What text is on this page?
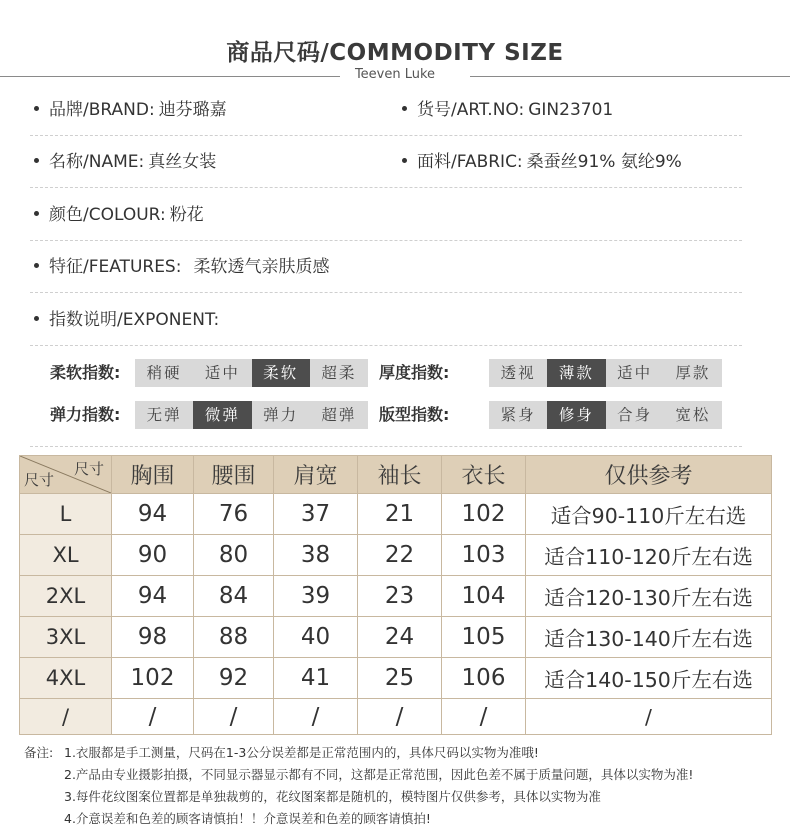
商品尺码/COMMODITY SIZE
Teeven Luke
品牌/BRAND: 迪芬璐嘉	货号/ART.NO: GIN23701
名称/NAME: 真丝女装	面料/FABRIC: 桑蚕丝91% 氨纶9%
颜色/COLOUR: 粉花
特征/FEATURES: 柔软透气亲肤质感
指数说明/EXPONENT:
柔软指数:	稍硬	适中	柔软	超柔	厚度指数:	透视	薄款	适中	厚款
弹力指数:	无弹	微弹	弹力	超弹	版型指数:	紧身	修身	合身	宽松
尺寸
尺寸	胸围	腰围	肩宽	袖长	衣长	仅供参考
L	94	76	37	21	102	适合90-110斤左右选
XL	90	80	38	22	103	适合110-120斤左右选
2XL	94	84	39	23	104	适合120-130斤左右选
3XL	98	88	40	24	105	适合130-140斤左右选
4XL	102	92	41	25	106	适合140-150斤左右选
/	/	/	/	/	/	/
备注: 1.衣服都是手工测量，尺码在1-3公分误差都是正常范围内的，具体尺码以实物为准哦!
2.产品由专业摄影拍摄，不同显示器显示都有不同，这都是正常范围，因此色差不属于质量问题，具体以实物为准!
3.每件花纹图案位置都是单独裁剪的，花纹图案都是随机的，模特图片仅供参考，具体以实物为准
4.介意误差和色差的顾客请慎拍！！介意误差和色差的顾客请慎拍!
